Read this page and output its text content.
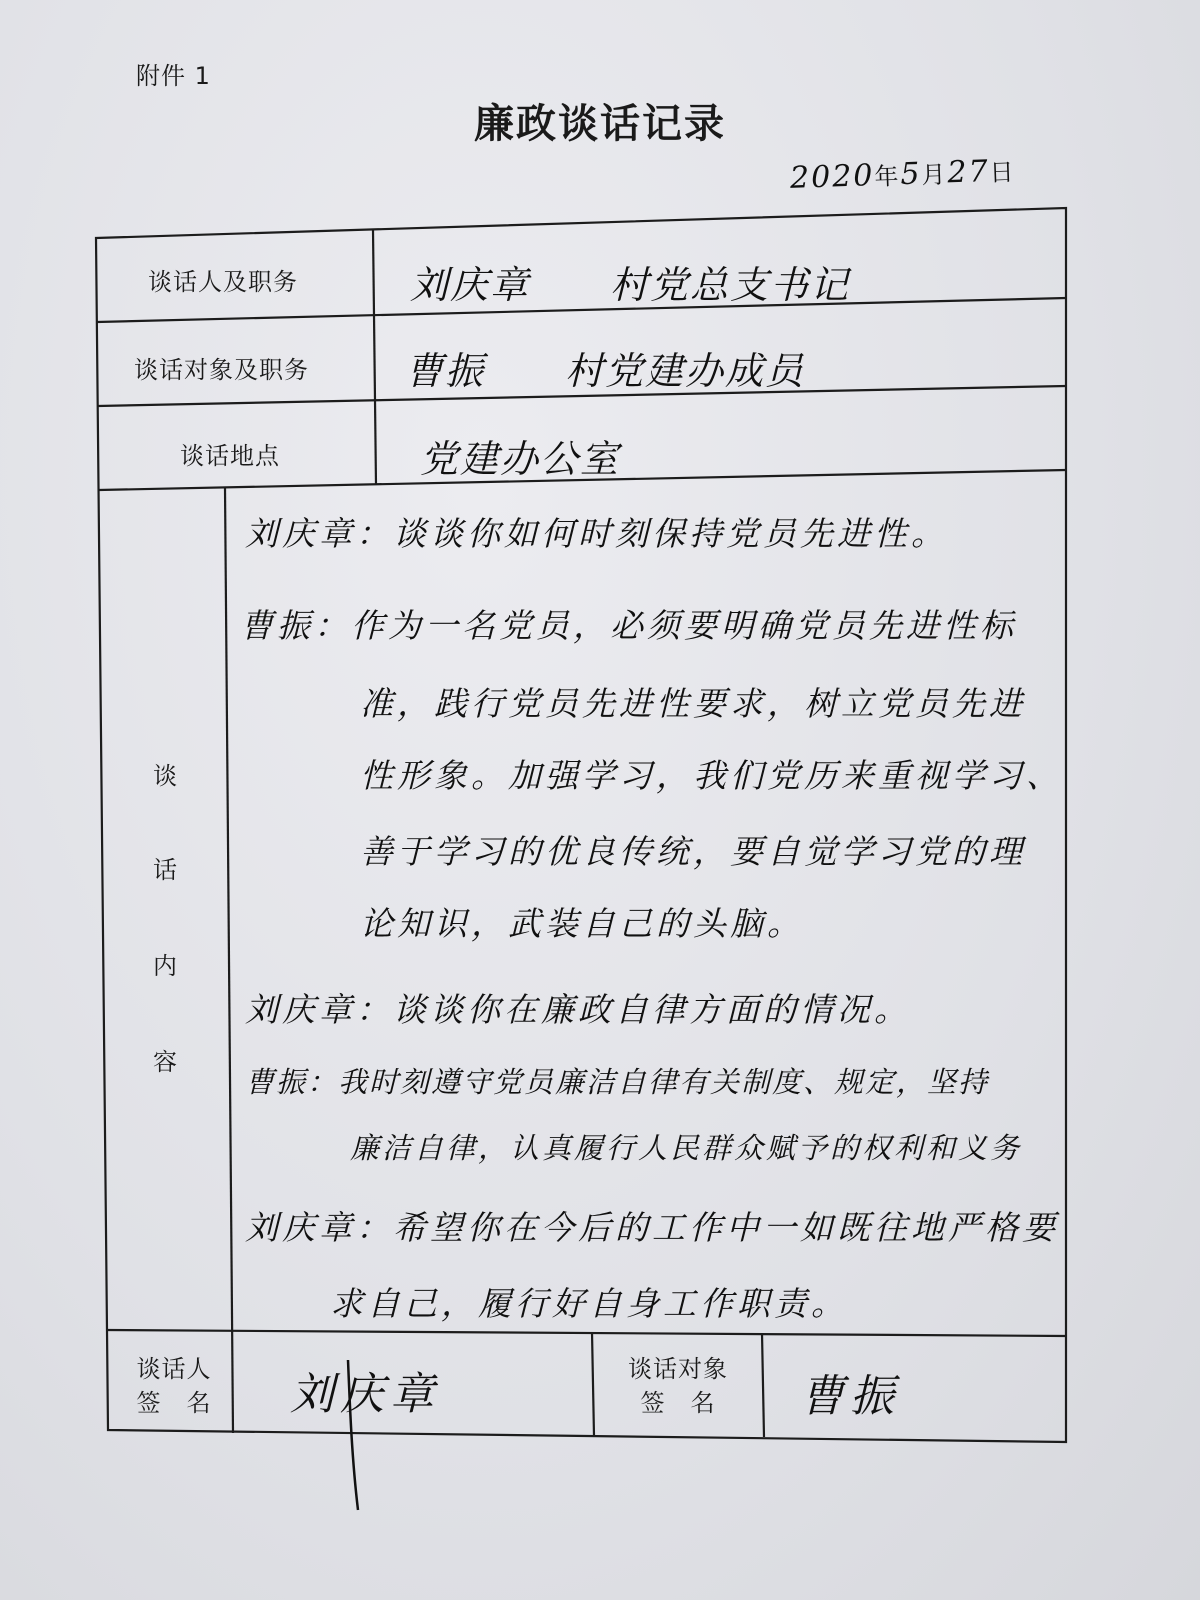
附件 1
廉政谈话记录
2020年5月27日
谈话人及职务
谈话对象及职务
谈话地点
刘庆章　　村党总支书记
曹振　　村党建办成员
党建办公室
谈
话
内
容
刘庆章：谈谈你如何时刻保持党员先进性。
曹振：作为一名党员，必须要明确党员先进性标
准，践行党员先进性要求，树立党员先进
性形象。加强学习，我们党历来重视学习、
善于学习的优良传统，要自觉学习党的理
论知识，武装自己的头脑。
刘庆章：谈谈你在廉政自律方面的情况。
曹振：我时刻遵守党员廉洁自律有关制度、规定，坚持
廉洁自律，认真履行人民群众赋予的权利和义务
刘庆章：希望你在今后的工作中一如既往地严格要
求自己，履行好自身工作职责。
谈话人
签　名
谈话对象
签　名
刘庆章	曹振
